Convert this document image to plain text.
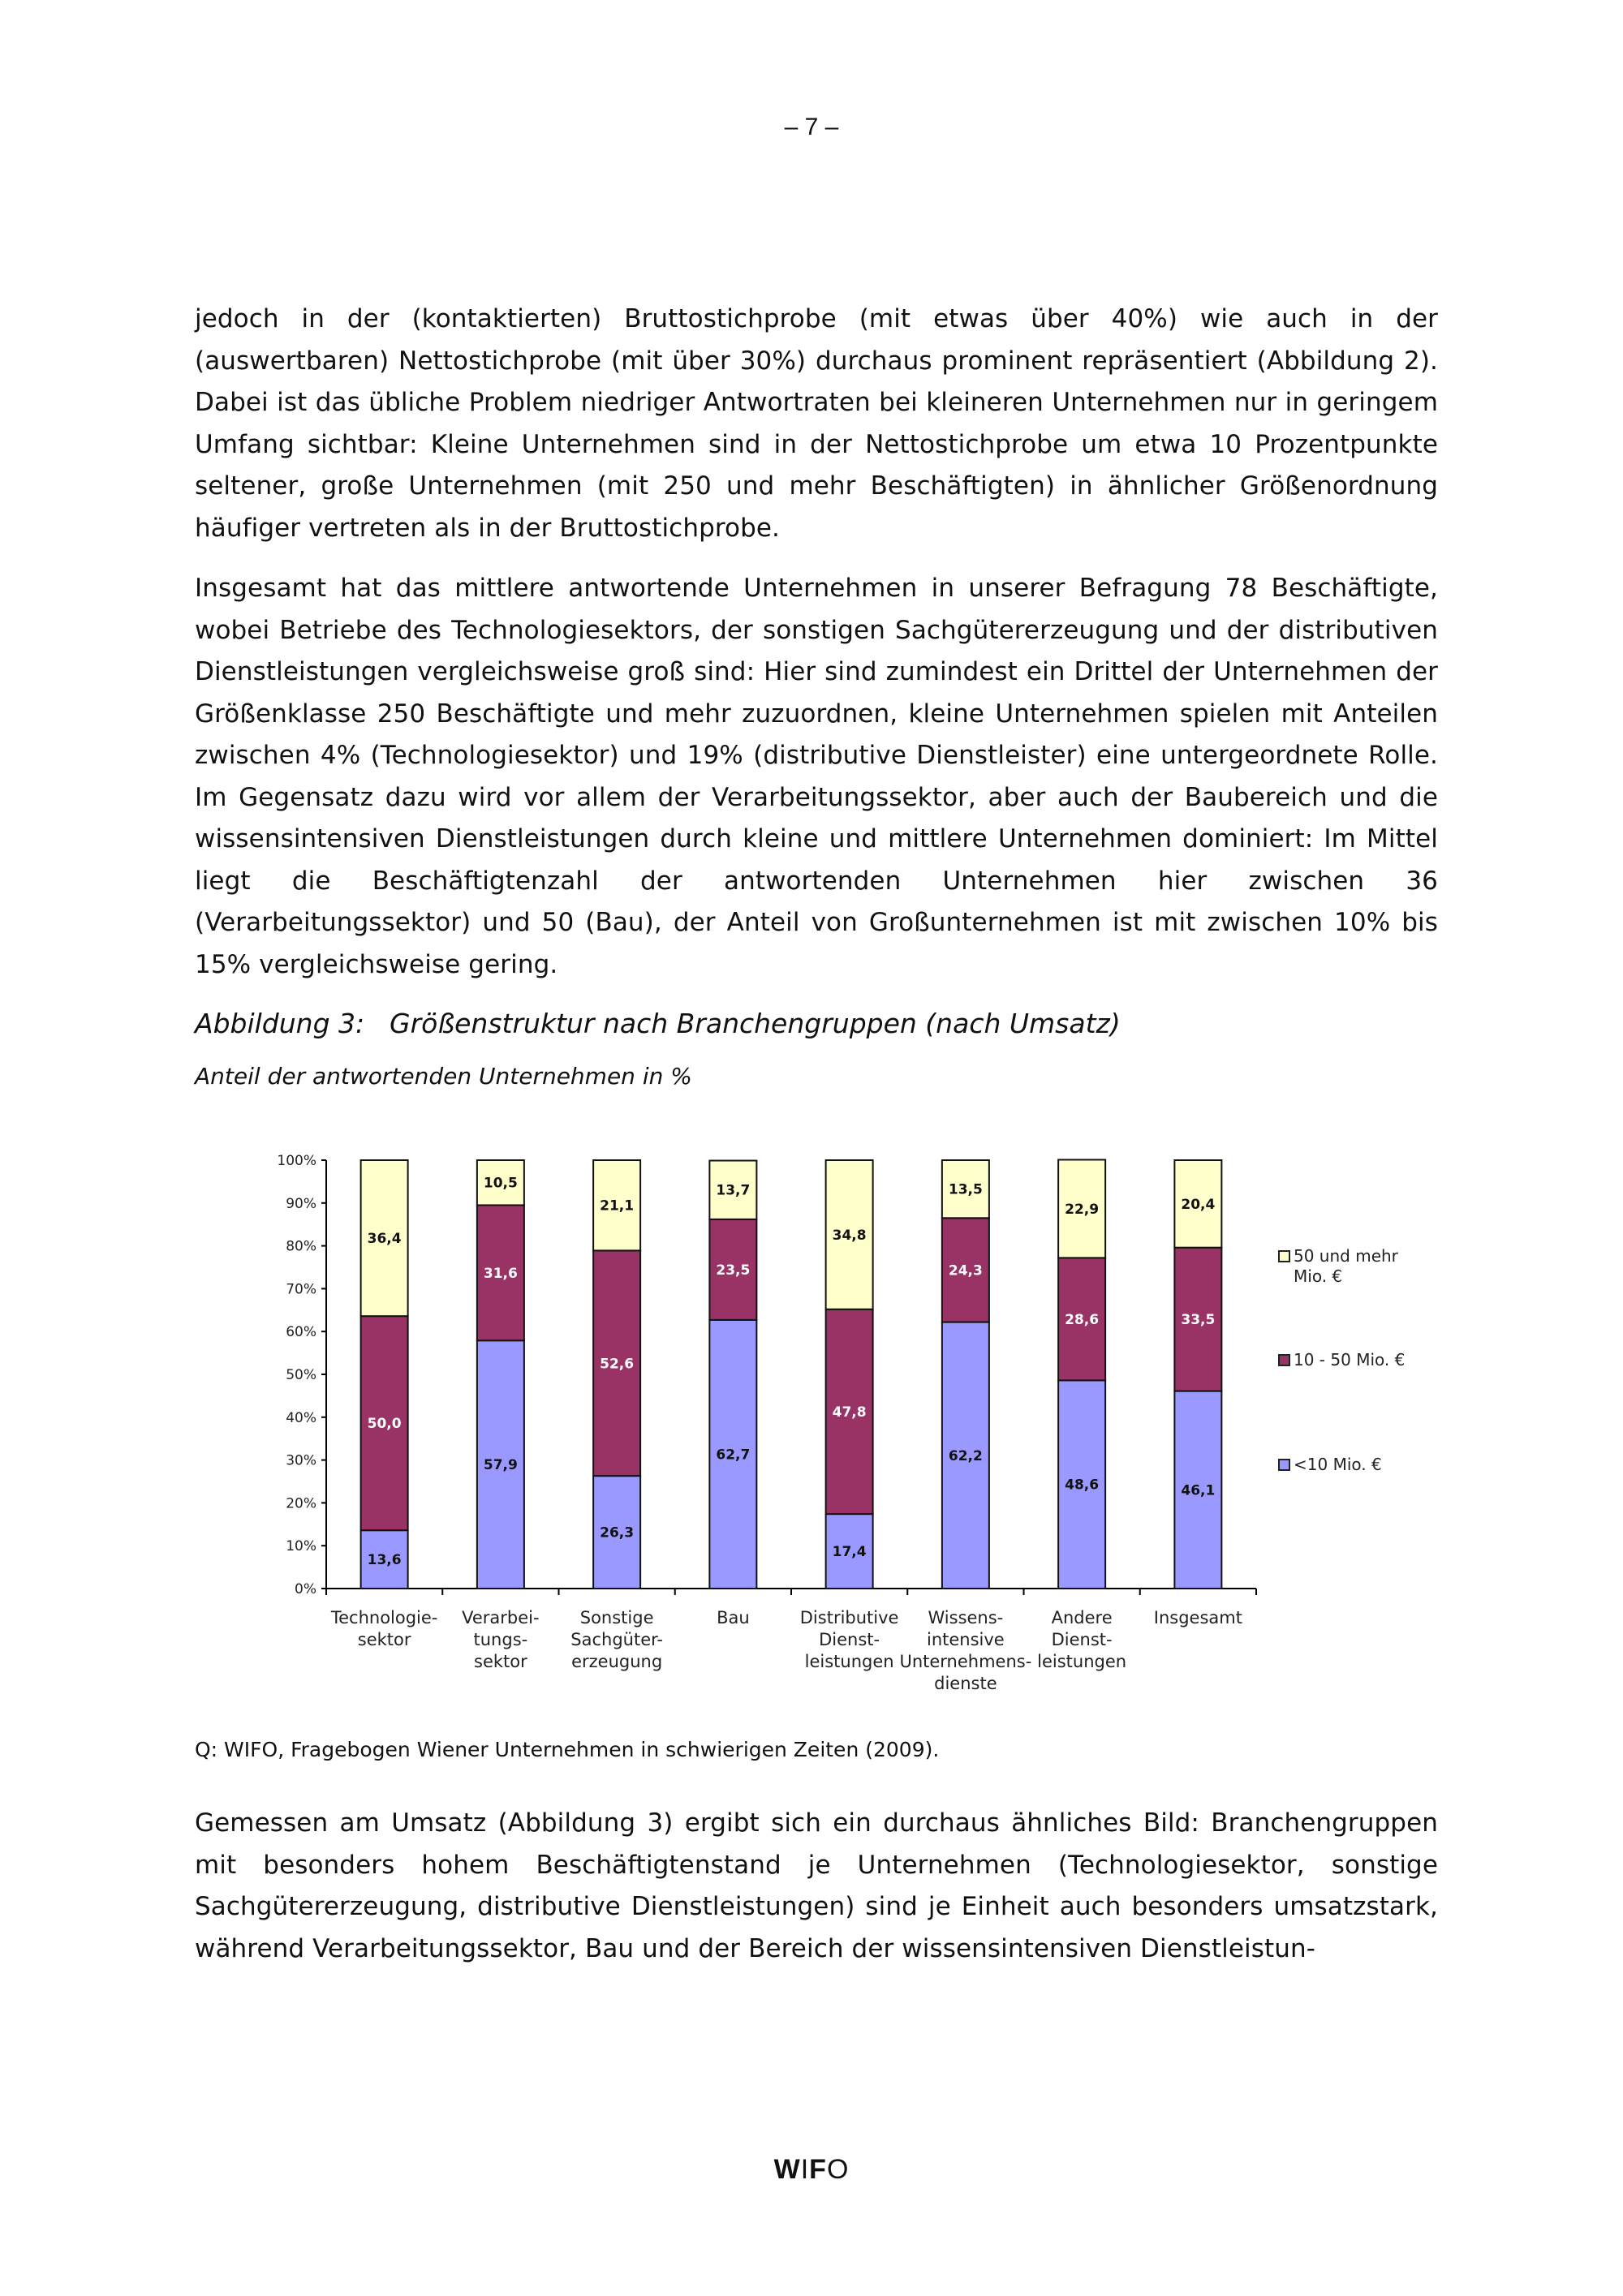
– 7 –

jedoch in der (kontaktierten) Bruttostichprobe (mit etwas über 40%) wie auch in der (auswertbaren) Nettostichprobe (mit über 30%) durchaus prominent repräsentiert (Abbildung 2). Dabei ist das übliche Problem niedriger Antwortraten bei kleineren Unternehmen nur in geringem Umfang sichtbar: Kleine Unternehmen sind in der Nettostichprobe um etwa 10 Prozentpunkte seltener, große Unternehmen (mit 250 und mehr Beschäftigten) in ähnlicher Größenordnung häufiger vertreten als in der Bruttostichprobe.

Insgesamt hat das mittlere antwortende Unternehmen in unserer Befragung 78 Beschäftigte, wobei Betriebe des Technologiesektors, der sonstigen Sachgütererzeugung und der distributiven Dienstleistungen vergleichsweise groß sind: Hier sind zumindest ein Drittel der Unternehmen der Größenklasse 250 Beschäftigte und mehr zuzuordnen, kleine Unternehmen spielen mit Anteilen zwischen 4% (Technologiesektor) und 19% (distributive Dienstleister) eine untergeordnete Rolle. Im Gegensatz dazu wird vor allem der Verarbeitungssektor, aber auch der Baubereich und die wissensintensiven Dienstleistungen durch kleine und mittlere Unternehmen dominiert: Im Mittel liegt die Beschäftigtenzahl der antwortenden Unternehmen hier zwischen 36 (Verarbeitungssektor) und 50 (Bau), der Anteil von Großunternehmen ist mit zwischen 10% bis 15% vergleichsweise gering.

Abbildung 3: Größenstruktur nach Branchengruppen (nach Umsatz)
Anteil der antwortenden Unternehmen in %
0%
10%
20%
30%
40%
50%
60%
70%
80%
90%
100%
13,6
50,0
36,4
Technologie-
sektor
57,9
31,6
10,5
Verarbei-
tungs-
sektor
26,3
52,6
21,1
Sonstige
Sachgüter-
erzeugung
62,7
23,5
13,7
Bau
17,4
47,8
34,8
Distributive
Dienst-
leistungen
62,2
24,3
13,5
Wissens-
intensive
Unternehmens-
dienste
48,6
28,6
22,9
Andere
Dienst-
leistungen
46,1
33,5
20,4
Insgesamt
50 und mehr
Mio. €
10 - 50 Mio. €
<10 Mio. €
Q: WIFO, Fragebogen Wiener Unternehmen in schwierigen Zeiten (2009).

Gemessen am Umsatz (Abbildung 3) ergibt sich ein durchaus ähnliches Bild: Branchengruppen mit besonders hohem Beschäftigtenstand je Unternehmen (Technologiesektor, sonstige Sachgütererzeugung, distributive Dienstleistungen) sind je Einheit auch besonders umsatzstark, während Verarbeitungssektor, Bau und der Bereich der wissensintensiven Dienstleistun-

WIFO
